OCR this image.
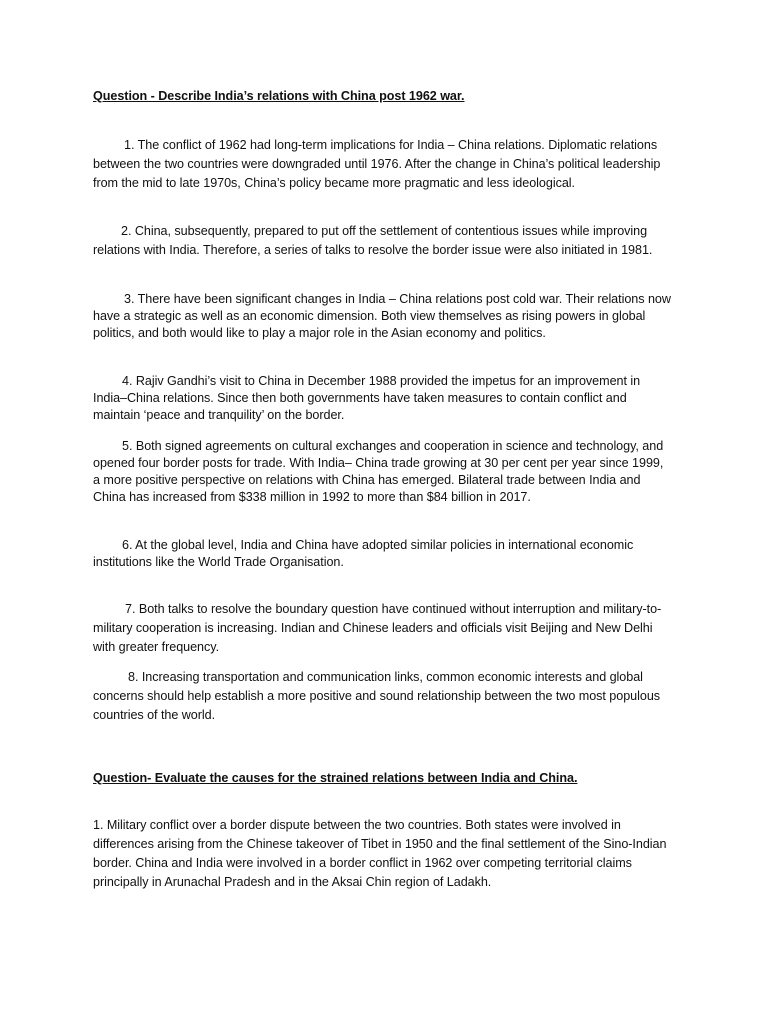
Question - Describe India’s relations with China post 1962 war.

1. The conflict of 1962 had long-term implications for India – China relations. Diplomatic relations between the two countries were downgraded until 1976. After the change in China’s political leadership from the mid to late 1970s, China’s policy became more pragmatic and less ideological.

2. China, subsequently, prepared to put off the settlement of contentious issues while improving relations with India. Therefore, a series of talks to resolve the border issue were also initiated in 1981.

3. There have been significant changes in India – China relations post cold war. Their relations now have a strategic as well as an economic dimension. Both view themselves as rising powers in global politics, and both would like to play a major role in the Asian economy and politics.

4. Rajiv Gandhi’s visit to China in December 1988 provided the impetus for an improvement in India–China relations. Since then both governments have taken measures to contain conflict and maintain ‘peace and tranquility’ on the border.

5. Both signed agreements on cultural exchanges and cooperation in science and technology, and opened four border posts for trade. With India– China trade growing at 30 per cent per year since 1999, a more positive perspective on relations with China has emerged. Bilateral trade between India and China has increased from $338 million in 1992 to more than $84 billion in 2017.

6. At the global level, India and China have adopted similar policies in international economic institutions like the World Trade Organisation.

7. Both talks to resolve the boundary question have continued without interruption and military-to-military cooperation is increasing. Indian and Chinese leaders and officials visit Beijing and New Delhi with greater frequency.

8. Increasing transportation and communication links, common economic interests and global concerns should help establish a more positive and sound relationship between the two most populous countries of the world.

Question- Evaluate the causes for the strained relations between India and China.

1. Military conflict over a border dispute between the two countries. Both states were involved in differences arising from the Chinese takeover of Tibet in 1950 and the final settlement of the Sino-Indian border. China and India were involved in a border conflict in 1962 over competing territorial claims principally in Arunachal Pradesh and in the Aksai Chin region of Ladakh.
